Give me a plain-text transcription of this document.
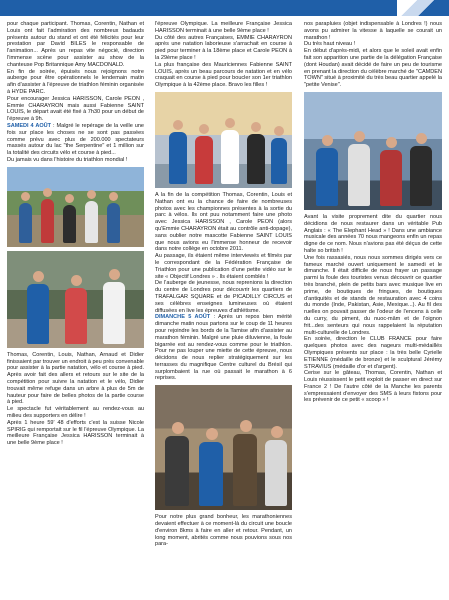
pour chaque participant. Thomas, Corentin, Nathan et Louis ont fait l'admiration des nombreux badauds présents autour du stand et ont été félicités pour leur prestation par David BILES le responsable de l'animation... Après un repas vite négocié, direction l'immense scène pour assister au show de la chanteuse Pop Britannique Amy MACDONALD.
En fin de soirée, épuisés nous rejoignons notre auberge pour être opérationnels le lendemain matin afin d'assister à l'épreuve de triathlon féminin organisée à HYDE PARC.
Pour encourager Jessica HARISSON, Carole PEON , Emmie CHARAYRON mais aussi Fabienne SAINT LOUIS, le départ avait été fixé à 7h30 pour un début de l'épreuve à 9h.

SAMEDI 4 AOÛT : Malgré le repérage de la veille une fois sur place les choses ne se sont pas passées comme prévu avec plus de 200.000 spectateurs massés autour du lac "the Serpentine" et 1 million sur la totalité des circuits vélo et course à pied...
Du jamais vu dans l'histoire du triathlon mondial !

Thomas, Corentin, Louis, Nathan, Arnaud et Didier finissaient par trouver un endroit à peu près convenable pour assister à la partie natation, vélo et course à pied. Après avoir fait des allers et retours sur le site de la compétition pour suivre la natation et le vélo, Didier trouvait même refuge dans un arbre à plus de 5m de hauteur pour faire de belles photos de la partie course à pied.
Le spectacle fut véritablement au rendez-vous au milieu des supporters en délire !
Après 1 heure 59' 48 d'efforts c'est la suisse Nicole SPIRIG qui remportait sur le fil l'épreuve Olympique. La meilleure Française Jessica HARISSON terminait à une belle 9ème place !

l'épreuve Olympique. La meilleure Française Jessica HARISSON terminait à une belle 9ème place !
Du côté des autres Françaises, EMMIE CHARAYRON après une natation laborieuse s'arrachait en course à pied pour terminer à la 18ème place et Carole PEON à la 29ème place !
La plus française des Mauriciennes Fabienne SAINT LOUIS, après un beau parcours de natation et en vélo craquait en course à pied pour boucler son 1er triathlon Olympique à la 42ème place. Bravo les filles !

A la fin de la compétition Thomas, Corentin, Louis et Nathan ont eu la chance de faire de nombreuses photos avec les championnes présentes à la sortie du parc à vélos. Ils ont puu notamment faire une photo avec Jessica HARISSON , Carole PEON (alors qu'Emmie CHARAYRON était au contrôle anti-dopage), sans oublier notre mascotte Fabienne SAINT LOUIS que nous avions eu l'immense honneur de recevoir dans notre collège en octobre 2011.
Au passage, ils étaient même interviewés et filmés par le correspondant de la Fédération Française de Triathlon pour une publication d'une petite vidéo sur le site « Objectif Londres » . Ils étaient comblés !
De l'auberge de jeunesse, nous reprenions la direction du centre de Londres pour découvrir les quartiers de TRAFALGAR SQUARE et de PICADILLY CIRCUS et ses célèbres enseignes lumineuses où étaient diffusées en live les épreuves d'athlétisme.

DIMANCHE 5 AOÛT : Après un repos bien mérité dimanche matin nous partons sur le coup de 11 heures pour rejoindre les bords de la Tamise afin d'assister au marathon féminin. Malgré une pluie diluvienne, la foule bigarrée est au rendez-vous comme pour le triathlon. Pour ne pas louper une miette de cette épreuve, nous décidons de nous replier stratégiquement sur les terrasses du magnifique Centre culturel du Brésil qui surplombaient la rue où passait le marathon à 6 reprises.

Pour notre plus grand bonheur, les marathoniennes devaient effectuer à ce moment-là du circuit une boucle d'environ 8kms à faire en aller et retour. Pendant, un long moment, abrités comme nous pouvions sous nos para-

nos parapluies (objet indispensable à Londres !) nous avons pu admirer la vitesse à laquelle se courait un marathon !
Du très haut niveau !
En début d'après-midi, et alors que le soleil avait enfin fait son apparition une partie de la délégation Française (dont Houdan) avait décidé de faire un peu de tourisme en prenant la direction du célèbre marché de "CAMDEN TOWN" situé à proximité du très beau quartier appelé la "petite Venise".

Avant la visite proprement dite du quartier nous décidions de nous restaurer dans un véritable Pub Anglais : « The Elephant Head » ! Dans une ambiance musicale des années 70 nous mangeons enfin un repas digne de ce nom. Nous n'avions pas été déçus de cette halte so british !
Une fois rassasiés, nous nous sommes dirigés vers ce fameux marché ouvert uniquement le samedi et le dimanche. Il était difficile de nous frayer un passage parmi la foule des touristes venus découvrir ce quartier très branché, plein de petits bars avec musique live en prime, de boutiques de fringues, de boutiques d'antiquités et de stands de restauration avec 4 coins du monde (Inde, Pakistan, Asie, Mexique...). Au fil des ruelles on pouvait passer de l'odeur de l'encens à celle du curry, du piment, du nuoc-mâm et de l'oignon frit...des senteurs qui nous rappelaient la réputation multi-culturelle de Londres.
En soirée, direction le CLUB FRANCE pour faire quelques photos avec des nageurs multi-médaillés Olympiques présents sur place : la très belle Cyrielle ETIENNE (médaille de bronze) et le sculptural Jérémy STRAVIUS (médaille d'or et d'argent).
Cerise sur le gâteau, Thomas, Corentin, Nathan et Louis réussissent le petit exploit de passer en direct sur France 2 ! De l'autre côté de la Manche les parents s'empressaient d'envoyer des SMS à leurs fistons pour les prévenir de ce petit « scoop » !
